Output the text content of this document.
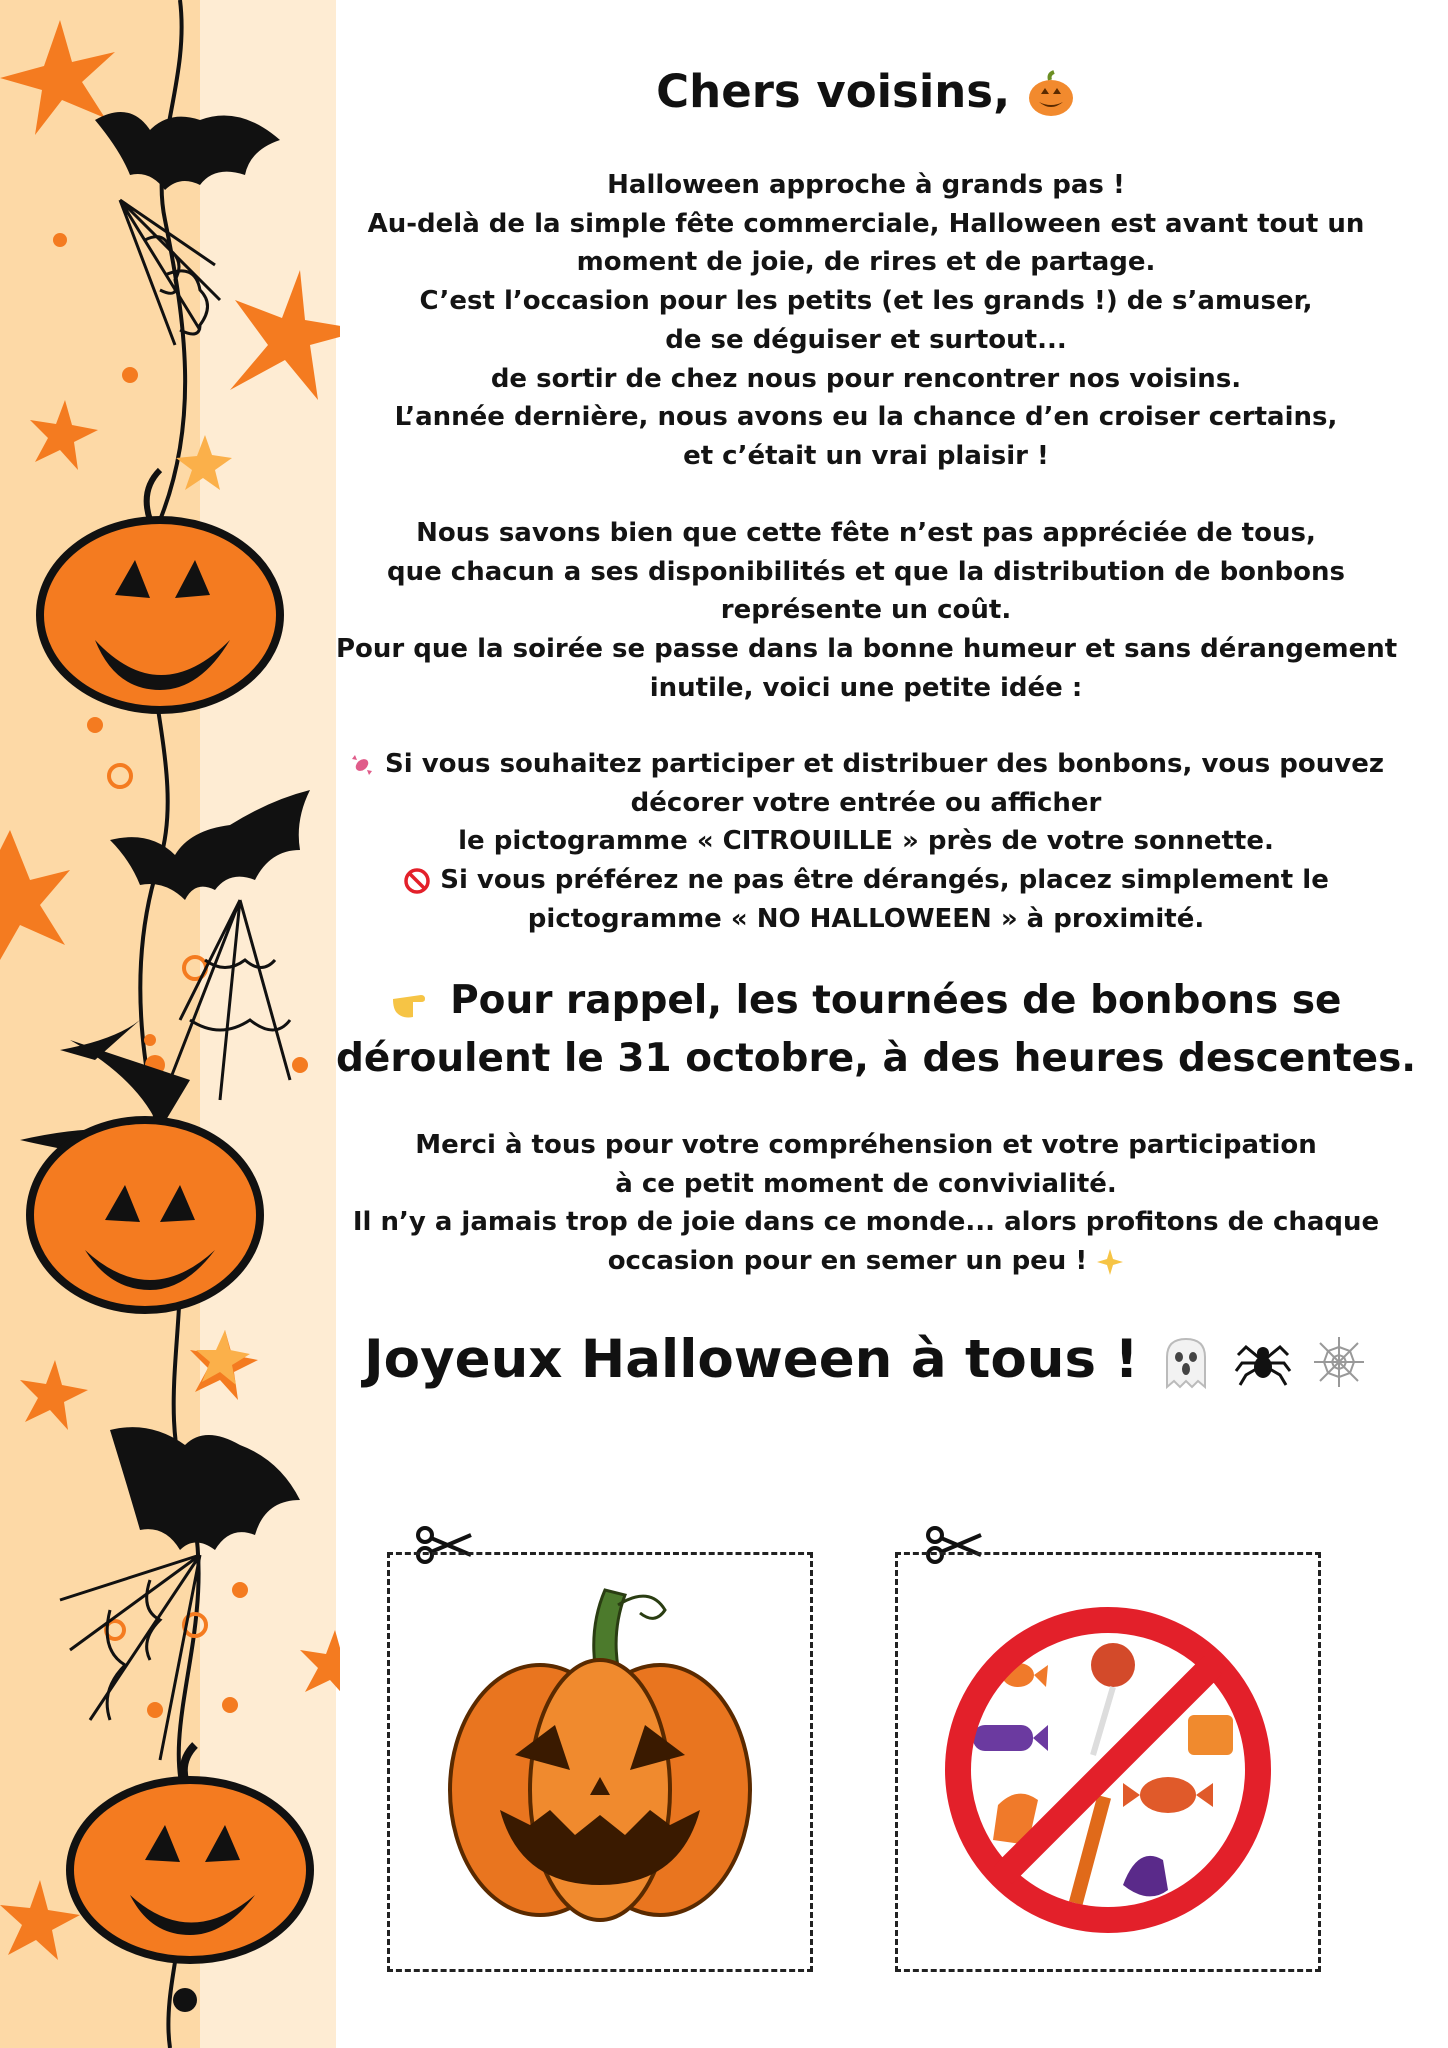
Chers voisins,
Halloween approche à grands pas !
Au-delà de la simple fête commerciale, Halloween est avant tout un
moment de joie, de rires et de partage.
C’est l’occasion pour les petits (et les grands !) de s’amuser,
de se déguiser et surtout...
de sortir de chez nous pour rencontrer nos voisins.
L’année dernière, nous avons eu la chance d’en croiser certains,
et c’était un vrai plaisir !
Nous savons bien que cette fête n’est pas appréciée de tous,
que chacun a ses disponibilités et que la distribution de bonbons
représente un coût.
Pour que la soirée se passe dans la bonne humeur et sans dérangement
inutile, voici une petite idée :
Si vous souhaitez participer et distribuer des bonbons, vous pouvez
décorer votre entrée ou afficher
le pictogramme « CITROUILLE » près de votre sonnette.
Si vous préférez ne pas être dérangés, placez simplement le
pictogramme « NO HALLOWEEN » à proximité.
Pour rappel, les tournées de bonbons se
déroulent le 31 octobre, à des heures descentes.
Merci à tous pour votre compréhension et votre participation
à ce petit moment de convivialité.
Il n’y a jamais trop de joie dans ce monde... alors profitons de chaque
occasion pour en semer un peu !
Joyeux Halloween à tous !
